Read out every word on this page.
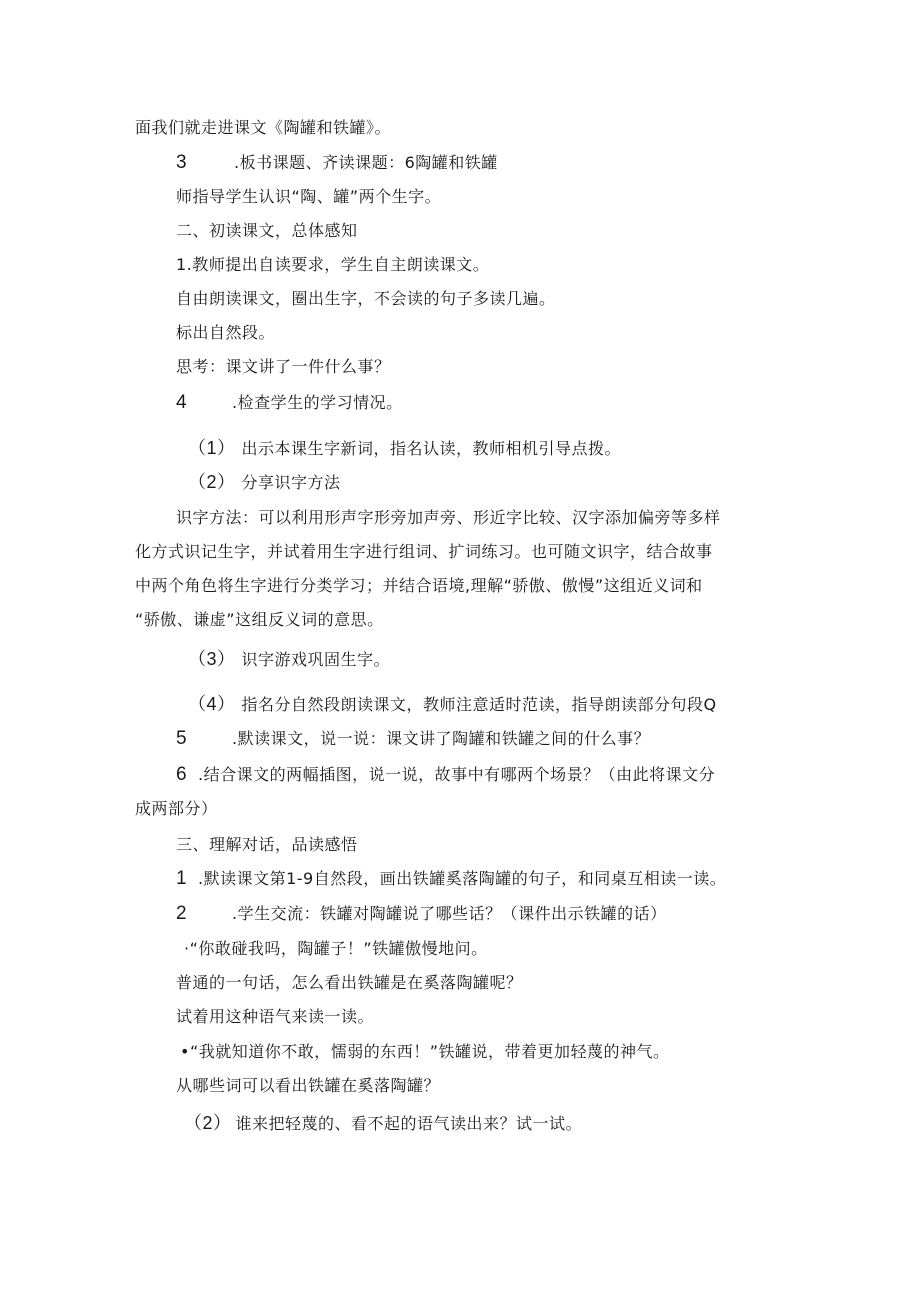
面我们就走进课文《陶罐和铁罐》。
3	.板书课题、齐读课题：6陶罐和铁罐
师指导学生认识“陶、罐”两个生字。
二、初读课文，总体感知
1.教师提出自读要求，学生自主朗读课文。
自由朗读课文，圈出生字，不会读的句子多读几遍。
标出自然段。
思考：课文讲了一件什么事？
4	.检查学生的学习情况。
（1） 出示本课生字新词，指名认读，教师相机引导点拨。
（2） 分享识字方法
识字方法：可以利用形声字形旁加声旁、形近字比较、汉字添加偏旁等多样
化方式识记生字，并试着用生字进行组词、扩词练习。也可随文识字，结合故事
中两个角色将生字进行分类学习；并结合语境,理解“骄傲、傲慢”这组近义词和
“骄傲、谦虚”这组反义词的意思。
（3） 识字游戏巩固生字。
（4） 指名分自然段朗读课文，教师注意适时范读，指导朗读部分句段Q
5	.默读课文，说一说：课文讲了陶罐和铁罐之间的什么事？
6 .结合课文的两幅插图，说一说，故事中有哪两个场景？（由此将课文分
成两部分）
三、理解对话，品读感悟
1 .默读课文第1-9自然段，画出铁罐奚落陶罐的句子，和同桌互相读一读。
2	.学生交流：铁罐对陶罐说了哪些话？（课件出示铁罐的话）
·“你敢碰我吗，陶罐子！”铁罐傲慢地问。
普通的一句话，怎么看出铁罐是在奚落陶罐呢？
试着用这种语气来读一读。
•“我就知道你不敢，懦弱的东西！”铁罐说，带着更加轻蔑的神气。
从哪些词可以看出铁罐在奚落陶罐？
（2） 谁来把轻蔑的、看不起的语气读出来？试一试。
